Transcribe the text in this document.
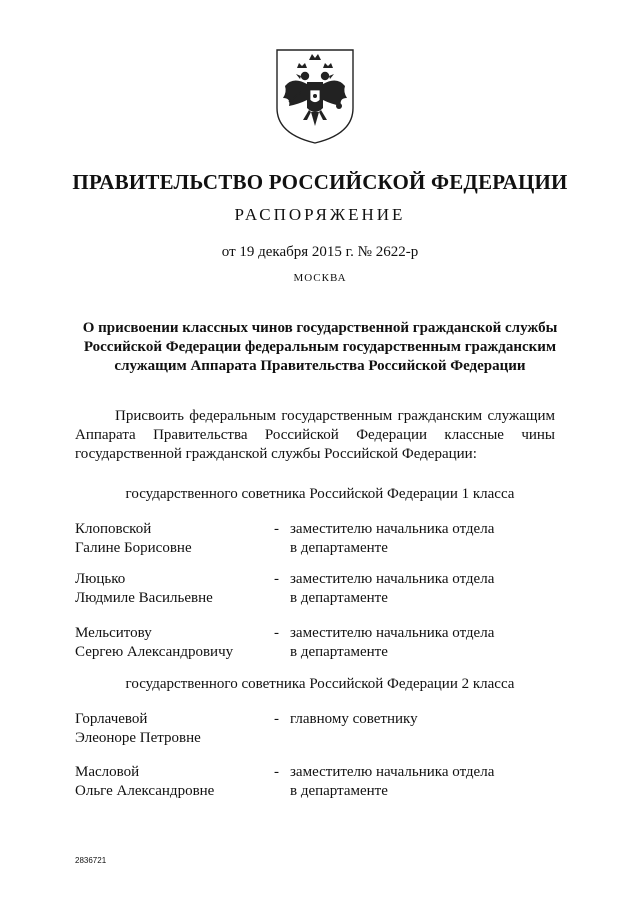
ПРАВИТЕЛЬСТВО РОССИЙСКОЙ ФЕДЕРАЦИИ
РАСПОРЯЖЕНИЕ
от 19 декабря 2015 г. № 2622-р
МОСКВА
О присвоении классных чинов государственной гражданской службы
Российской Федерации федеральным государственным гражданским
служащим Аппарата Правительства Российской Федерации
Присвоить федеральным государственным гражданским служащим Аппарата Правительства Российской Федерации классные чины государственной гражданской службы Российской Федерации:
государственного советника Российской Федерации 1 класса
Клоповской
Галине Борисовне
- заместителю начальника отдела
в департаменте
Люцько
Людмиле Васильевне
- заместителю начальника отдела
в департаменте
Мельситову
Сергею Александровичу
- заместителю начальника отдела
в департаменте
государственного советника Российской Федерации 2 класса
Горлачевой
Элеоноре Петровне
- главному советнику
Масловой
Ольге Александровне
- заместителю начальника отдела
в департаменте
2836721
